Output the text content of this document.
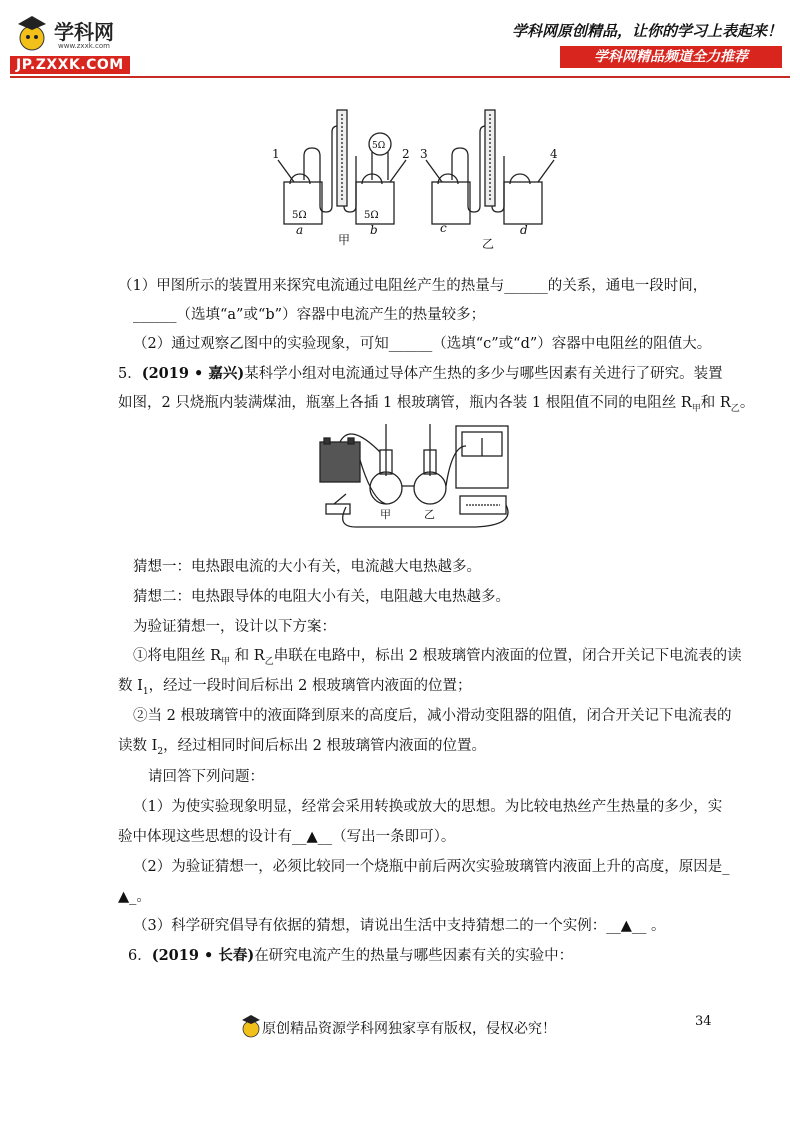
学科网
www.zxxk.com
JP.ZXXK.COM
学科网原创精品，让你的学习上表起来！
学科网精品频道全力推荐
1	2 3	4
5Ω	5Ω
5Ω
a	b	c	d
甲	乙
（1）甲图所示的装置用来探究电流通过电阻丝产生的热量与______的关系，通电一段时间，
______（选填“a”或“b”）容器中电流产生的热量较多；
（2）通过观察乙图中的实验现象，可知______（选填“c”或“d”）容器中电阻丝的阻值大。
5．(2019 • 嘉兴)某科学小组对电流通过导体产生热的多少与哪些因素有关进行了研究。装置
如图，2 只烧瓶内装满煤油，瓶塞上各插 1 根玻璃管，瓶内各装 1 根阻值不同的电阻丝 $R_甲$和 $R_乙$。
甲	乙
猜想一：电热跟电流的大小有关，电流越大电热越多。
猜想二：电热跟导体的电阻大小有关，电阻越大电热越多。
为验证猜想一，设计以下方案：
①将电阻丝 $R_甲$ 和 $R_乙$串联在电路中，标出 2 根玻璃管内液面的位置，闭合开关记下电流表的读
数 $I_1$，经过一段时间后标出 2 根玻璃管内液面的位置；
②当 2 根玻璃管中的液面降到原来的高度后，减小滑动变阻器的阻值，闭合开关记下电流表的
读数 $I_2$，经过相同时间后标出 2 根玻璃管内液面的位置。
请回答下列问题：
（1）为使实验现象明显，经常会采用转换或放大的思想。为比较电热丝产生热量的多少，实
验中体现这些思想的设计有__▲__（写出一条即可）。
（2）为验证猜想一，必须比较同一个烧瓶中前后两次实验玻璃管内液面上升的高度，原因是_
▲_。
（3）科学研究倡导有依据的猜想，请说出生活中支持猜想二的一个实例：__▲__ 。
6．(2019 • 长春)在研究电流产生的热量与哪些因素有关的实验中：
34
原创精品资源学科网独家享有版权，侵权必究！
